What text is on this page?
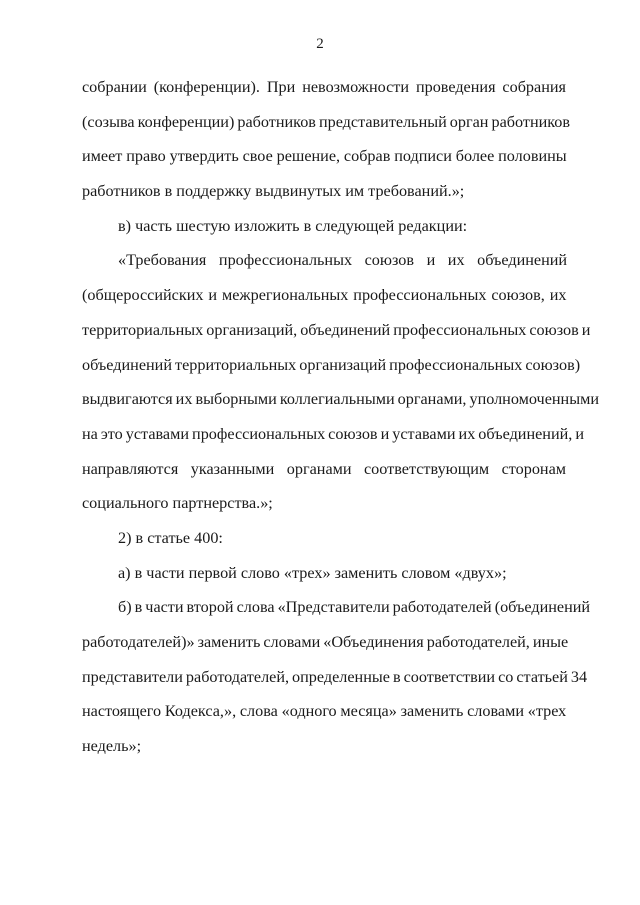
2
собрании (конференции). При невозможности проведения собрания
(созыва конференции) работников представительный орган работников
имеет право утвердить свое решение, собрав подписи более половины
работников в поддержку выдвинутых им требований.»;
в) часть шестую изложить в следующей редакции:
«Требования профессиональных союзов и их объединений
(общероссийских и межрегиональных профессиональных союзов, их
территориальных организаций, объединений профессиональных союзов и
объединений территориальных организаций профессиональных союзов)
выдвигаются их выборными коллегиальными органами, уполномоченными
на это уставами профессиональных союзов и уставами их объединений, и
направляются указанными органами соответствующим сторонам
социального партнерства.»;
2) в статье 400:
а) в части первой слово «трех» заменить словом «двух»;
б) в части второй слова «Представители работодателей (объединений
работодателей)» заменить словами «Объединения работодателей, иные
представители работодателей, определенные в соответствии со статьей 34
настоящего Кодекса,», слова «одного месяца» заменить словами «трех
недель»;
